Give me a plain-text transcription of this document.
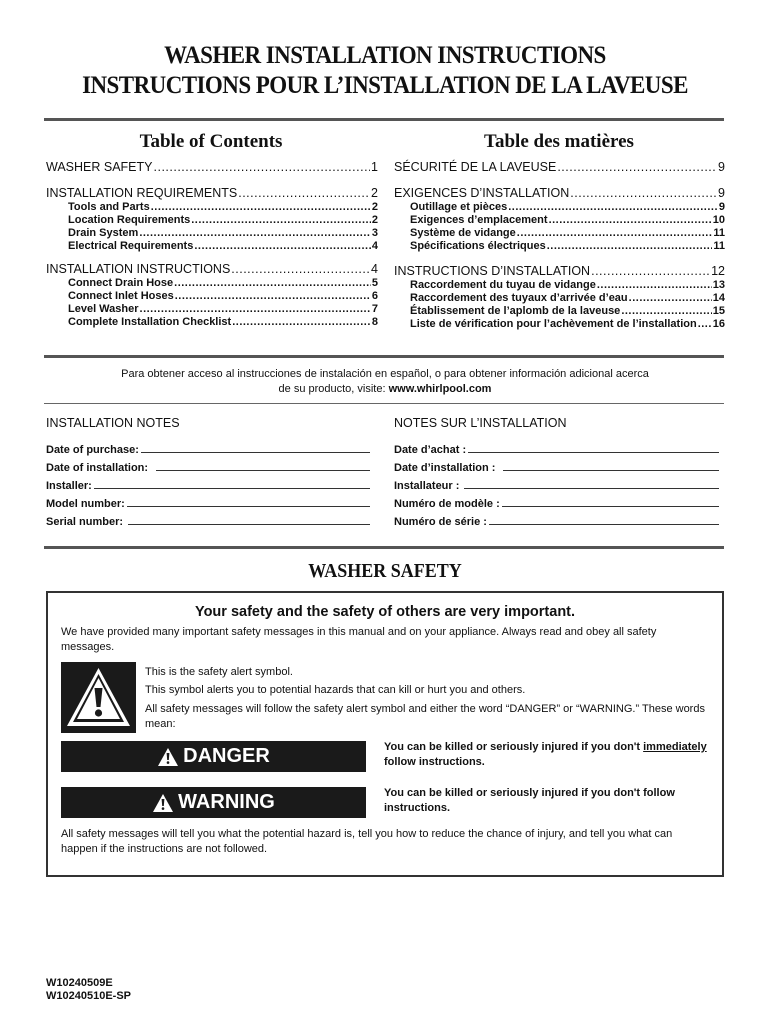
WASHER INSTALLATION INSTRUCTIONS
INSTRUCTIONS POUR L’INSTALLATION DE LA LAVEUSE
Table of Contents	Table des matières
WASHER SAFETY .....	1
INSTALLATION REQUIREMENTS .....	2
Tools and Parts .....	2
Location Requirements .....	2
Drain System .....	3
Electrical Requirements .....	4
INSTALLATION INSTRUCTIONS .....	4
Connect Drain Hose .....	5
Connect Inlet Hoses .....	6
Level Washer .....	7
Complete Installation Checklist .....	8
SÉCURITÉ DE LA LAVEUSE .....	9
EXIGENCES D’INSTALLATION .....	9
Outillage et pièces .....	9
Exigences d’emplacement .....	10
Système de vidange .....	11
Spécifications électriques .....	11
INSTRUCTIONS D’INSTALLATION .....	12
Raccordement du tuyau de vidange .....	13
Raccordement des tuyaux d’arrivée d’eau .....	14
Établissement de l’aplomb de la laveuse .....	15
Liste de vérification pour l’achèvement de l’installation ..... 16
Para obtener acceso al instrucciones de instalación en español, o para obtener información adicional acerca
de su producto, visite: www.whirlpool.com
INSTALLATION NOTES	NOTES SUR L’INSTALLATION
Date of purchase:
Date of installation:
Installer:
Model number:
Serial number:
Date d’achat :
Date d’installation :
Installateur :
Numéro de modèle :
Numéro de série :
WASHER SAFETY
Your safety and the safety of others are very important.
We have provided many important safety messages in this manual and on your appliance. Always read and obey all safety messages.
This is the safety alert symbol.
This symbol alerts you to potential hazards that can kill or hurt you and others.
All safety messages will follow the safety alert symbol and either the word “DANGER” or “WARNING.” These words mean:
DANGER	You can be killed or seriously injured if you don't immediately follow instructions.
WARNING	You can be killed or seriously injured if you don't follow instructions.
All safety messages will tell you what the potential hazard is, tell you how to reduce the chance of injury, and tell you what can happen if the instructions are not followed.
W10240509E
W10240510E-SP
